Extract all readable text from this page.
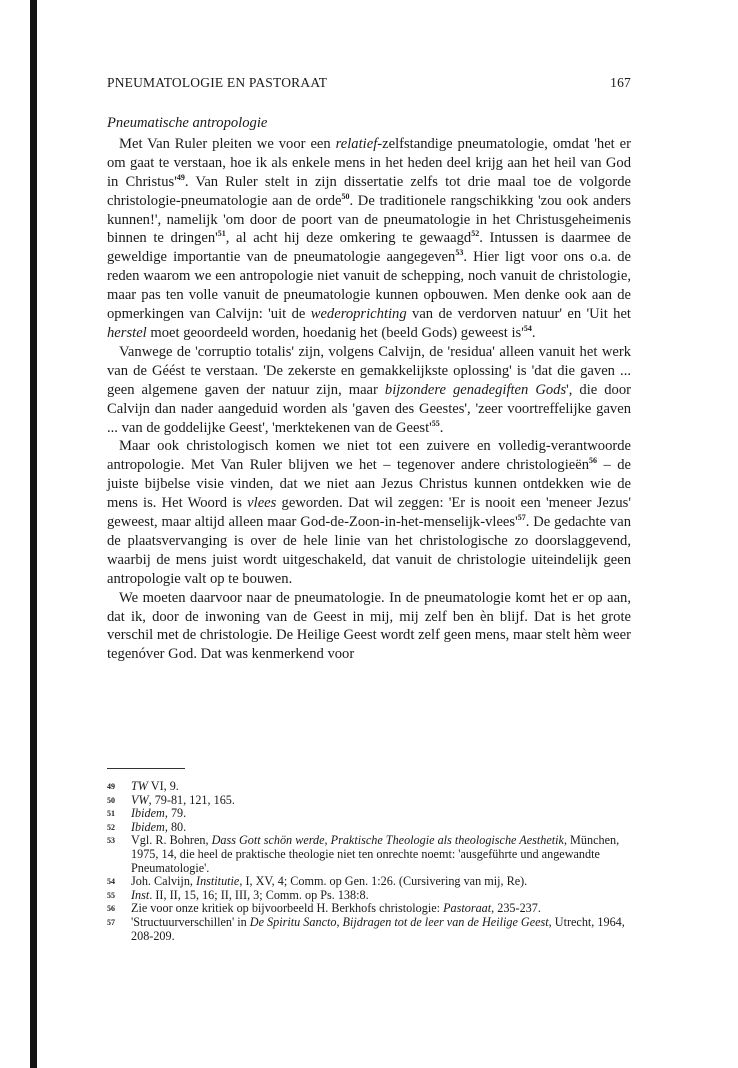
PNEUMATOLOGIE EN PASTORAAT	167
Pneumatische antropologie

Met Van Ruler pleiten we voor een relatief-zelfstandige pneumatologie, omdat 'het er om gaat te verstaan, hoe ik als enkele mens in het heden deel krijg aan het heil van God in $Christus'^{49}$. Van Ruler stelt in zijn dissertatie zelfs tot drie maal toe de volgorde christologie-pneumatologie aan de orde$^{50}$. De traditionele rangschikking 'zou ook anders kunnen!', namelijk 'om door de poort van de pneumatologie in het Christusgeheimenis binnen te $dringen'^{51}$, al acht hij deze omkering te gewaagd$^{52}$. Intussen is daarmee de geweldige importantie van de pneumatologie aangegeven$^{53}$. Hier ligt voor ons o.a. de reden waarom we een antropologie niet vanuit de schepping, noch vanuit de christologie, maar pas ten volle vanuit de pneumatologie kunnen opbouwen. Men denke ook aan de opmerkingen van Calvijn: 'uit de wederoprichting van de verdorven natuur' en 'Uit het herstel moet geoordeeld worden, hoedanig het (beeld Gods) geweest $is'^{54}$.

Vanwege de 'corruptio totalis' zijn, volgens Calvijn, de 'residua' alleen vanuit het werk van de Géést te verstaan. 'De zekerste en gemakkelijkste oplossing' is 'dat die gaven ... geen algemene gaven der natuur zijn, maar bijzondere genadegiften Gods', die door Calvijn dan nader aangeduid worden als 'gaven des Geestes', 'zeer voortreffelijke gaven ... van de goddelijke Geest', 'merktekenen van de $Geest'^{55}$.

Maar ook christologisch komen we niet tot een zuivere en volledig-verantwoorde antropologie. Met Van Ruler blijven we het – tegenover andere christologieën$^{56}$ – de juiste bijbelse visie vinden, dat we niet aan Jezus Christus kunnen ontdekken wie de mens is. Het Woord is vlees geworden. Dat wil zeggen: 'Er is nooit een 'meneer Jezus' geweest, maar altijd alleen maar God-$de-Zoon-in-het-menselijk-vlees'^{57}$. De gedachte van de plaatsvervanging is over de hele linie van het christologische zo doorslaggevend, waarbij de mens juist wordt uitgeschakeld, dat vanuit de christologie uiteindelijk geen antropologie valt op te bouwen.

We moeten daarvoor naar de pneumatologie. In de pneumatologie komt het er op aan, dat ik, door de inwoning van de Geest in mij, mij zelf ben èn blijf. Dat is het grote verschil met de christologie. De Heilige Geest wordt zelf geen mens, maar stelt hèm weer tegenóver God. Dat was kenmerkend voor

49 TW VI, 9.
50 VW, 79-81, 121, 165.
51 Ibidem, 79.
52 Ibidem, 80.
53 Vgl. R. Bohren, Dass Gott schön werde, Praktische Theologie als theologische Aesthetik, München, 1975, 14, die heel de praktische theologie niet ten onrechte noemt: 'ausgeführte und angewandte Pneumatologie'.
54 Joh. Calvijn, Institutie, I, XV, 4; Comm. op Gen. 1:26. (Cursivering van mij, Re).
55 Inst. II, II, 15, 16; II, III, 3; Comm. op Ps. 138:8.
56 Zie voor onze kritiek op bijvoorbeeld H. Berkhofs christologie: Pastoraat, 235-237.
57 'Structuurverschillen' in De Spiritu Sancto, Bijdragen tot de leer van de Heilige Geest, Utrecht, 1964, 208-209.
